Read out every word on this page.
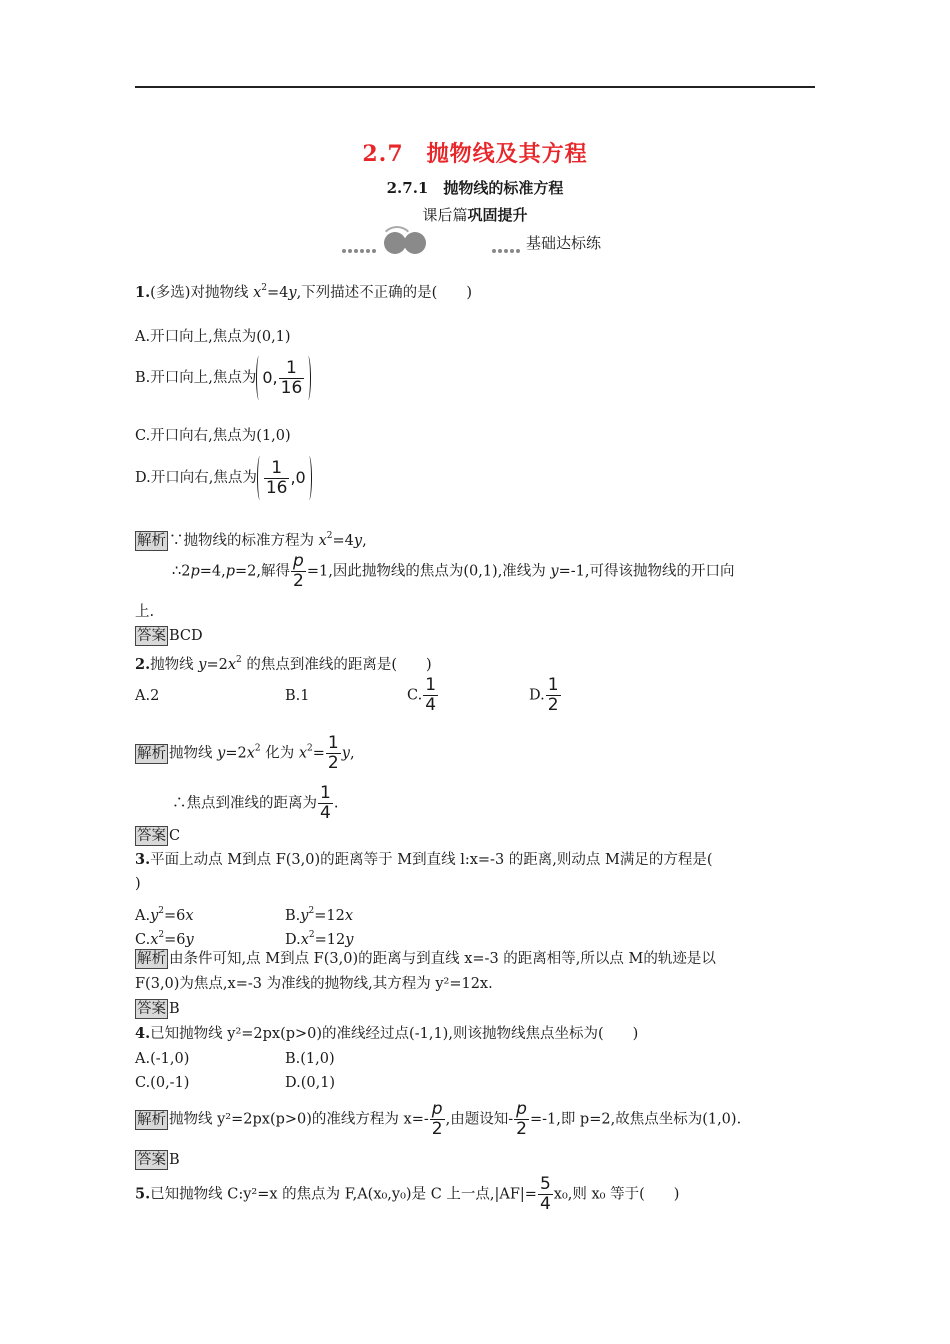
2.7　抛物线及其方程
2.7.1　抛物线的标准方程
课后篇巩固提升
基础达标练
1.(多选)对抛物线 $x^2=4y$,下列描述不正确的是(　　)
A.开口向上,焦点为(0,1)
B.开口向上,焦点为 0, $\frac{1}{16}$
C.开口向右,焦点为(1,0)
D.开口向右,焦点为 $\frac{1}{16} ,0$
解析 ∵抛物线的标准方程为 $x^2=4y$,
∴2p=4,p=2,解得 $\frac{p}{2} =1$,因此抛物线的焦点为(0,1),准线为 y=-1,可得该抛物线的开口向
上.
答案 BCD
2.抛物线 $y=2x^2$ 的焦点到准线的距离是(　　)
A.2	B.1	C. $\frac{1}{4}$	D. $\frac{1}{2}$
解析 抛物线 $y=2x^2$ 化为 $x^2= \frac{1}{2} y$,
∴焦点到准线的距离为 $\frac{1}{4}$ .
答案 C
3.平面上动点 M到点 F(3,0)的距离等于 M到直线 l:x=-3 的距离,则动点 M满足的方程是(
)
$A.y^2=6x$	$B.y^2=12x$
$C.x^2=6y$	$D.x^2=12y$
解析 由条件可知,点 M到点 F(3,0)的距离与到直线 x=-3 的距离相等,所以点 M的轨迹是以
F(3,0)为焦点,x=-3 为准线的抛物线,其方程为 y²=12x.
答案 B
4.已知抛物线 y²=2px(p>0)的准线经过点(-1,1),则该抛物线焦点坐标为(　　)
A.(-1,0)	B.(1,0)
C.(0,-1)	D.(0,1)
解析 抛物线 y²=2px(p>0)的准线方程为 $x=- \frac{p}{2}$ ,由题设知- $\frac{p}{2} =-1$,即 p=2,故焦点坐标为(1,0).
答案 B
5.已知抛物线 C:y²=x 的焦点为 F,A(x₀,y₀)是 C 上一点$,|AF|= \frac{5}{4} x_0$,则 x₀ 等于(　　)
